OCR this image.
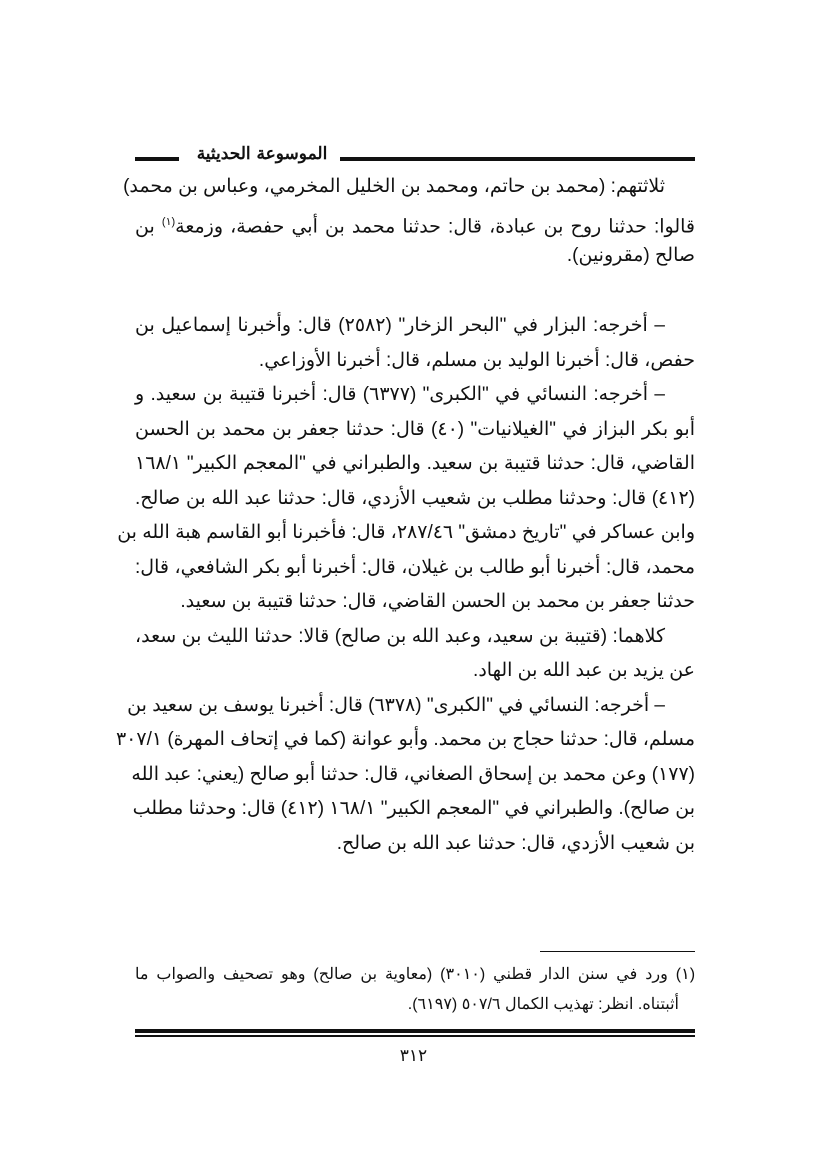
الموسوعة الحديثية
ثلاثتهم: (محمد بن حاتم، ومحمد بن الخليل المخرمي، وعباس بن محمد)
قالوا: حدثنا روح بن عبادة، قال: حدثنا محمد بن أبي حفصة، وزمعة$^{(١)}$ بن
صالح (مقرونين).
– أخرجه: البزار في "البحر الزخار" (٢٥٨٢) قال: وأخبرنا إسماعيل بن
حفص، قال: أخبرنا الوليد بن مسلم، قال: أخبرنا الأوزاعي.
– أخرجه: النسائي في "الكبرى" (٦٣٧٧) قال: أخبرنا قتيبة بن سعيد. و
أبو بكر البزاز في "الغيلانيات" (٤٠) قال: حدثنا جعفر بن محمد بن الحسن
القاضي، قال: حدثنا قتيبة بن سعيد. والطبراني في "المعجم الكبير" ١٦٨/١
(٤١٢) قال: وحدثنا مطلب بن شعيب الأزدي، قال: حدثنا عبد الله بن صالح.
وابن عساكر في "تاريخ دمشق" ٢٨٧/٤٦، قال: فأخبرنا أبو القاسم هبة الله بن
محمد، قال: أخبرنا أبو طالب بن غيلان، قال: أخبرنا أبو بكر الشافعي، قال:
حدثنا جعفر بن محمد بن الحسن القاضي، قال: حدثنا قتيبة بن سعيد.
كلاهما: (قتيبة بن سعيد، وعبد الله بن صالح) قالا: حدثنا الليث بن سعد،
عن يزيد بن عبد الله بن الهاد.
– أخرجه: النسائي في "الكبرى" (٦٣٧٨) قال: أخبرنا يوسف بن سعيد بن
مسلم، قال: حدثنا حجاج بن محمد. وأبو عوانة (كما في إتحاف المهرة) ٣٠٧/١
(١٧٧) وعن محمد بن إسحاق الصغاني، قال: حدثنا أبو صالح (يعني: عبد الله
بن صالح). والطبراني في "المعجم الكبير" ١٦٨/١ (٤١٢) قال: وحدثنا مطلب
بن شعيب الأزدي، قال: حدثنا عبد الله بن صالح.
(١) ورد في سنن الدار قطني (٣٠١٠) (معاوية بن صالح) وهو تصحيف والصواب ما
أثبتناه. انظر: تهذيب الكمال ٥٠٧/٦ (٦١٩٧).
٣١٢
